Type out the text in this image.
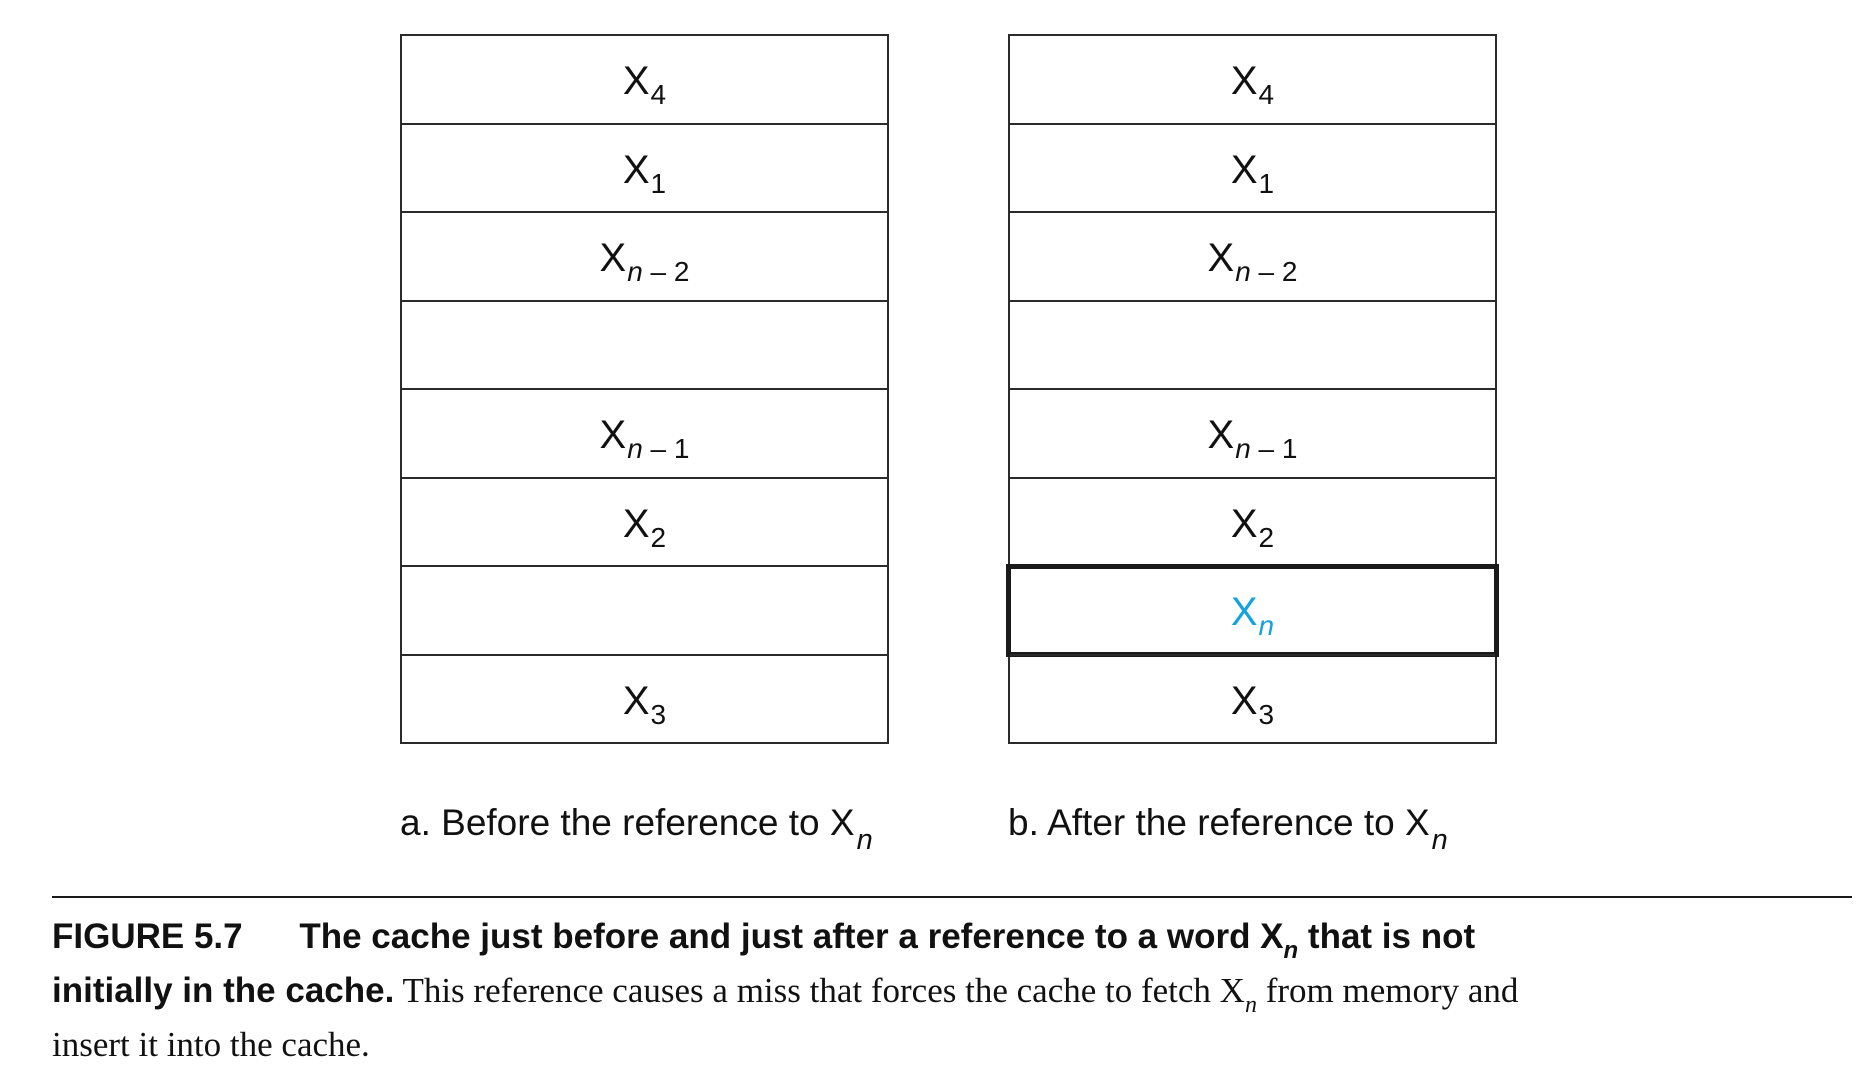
$X_4$
$X_1$
$X_{n - 2}$
$X_{n - 1}$
$X_2$
$X_3$
$X_4$
$X_1$
$X_{n - 2}$
$X_{n - 1}$
$X_2$
$X_n$
$X_3$
a. Before the reference to $X_n$	b. After the reference to $X_n$
FIGURE 5.7 The cache just before and just after a reference to a word $X_n$ that is not
initially in the cache. This reference causes a miss that forces the cache to fetch $X_n$ from memory and
insert it into the cache.
